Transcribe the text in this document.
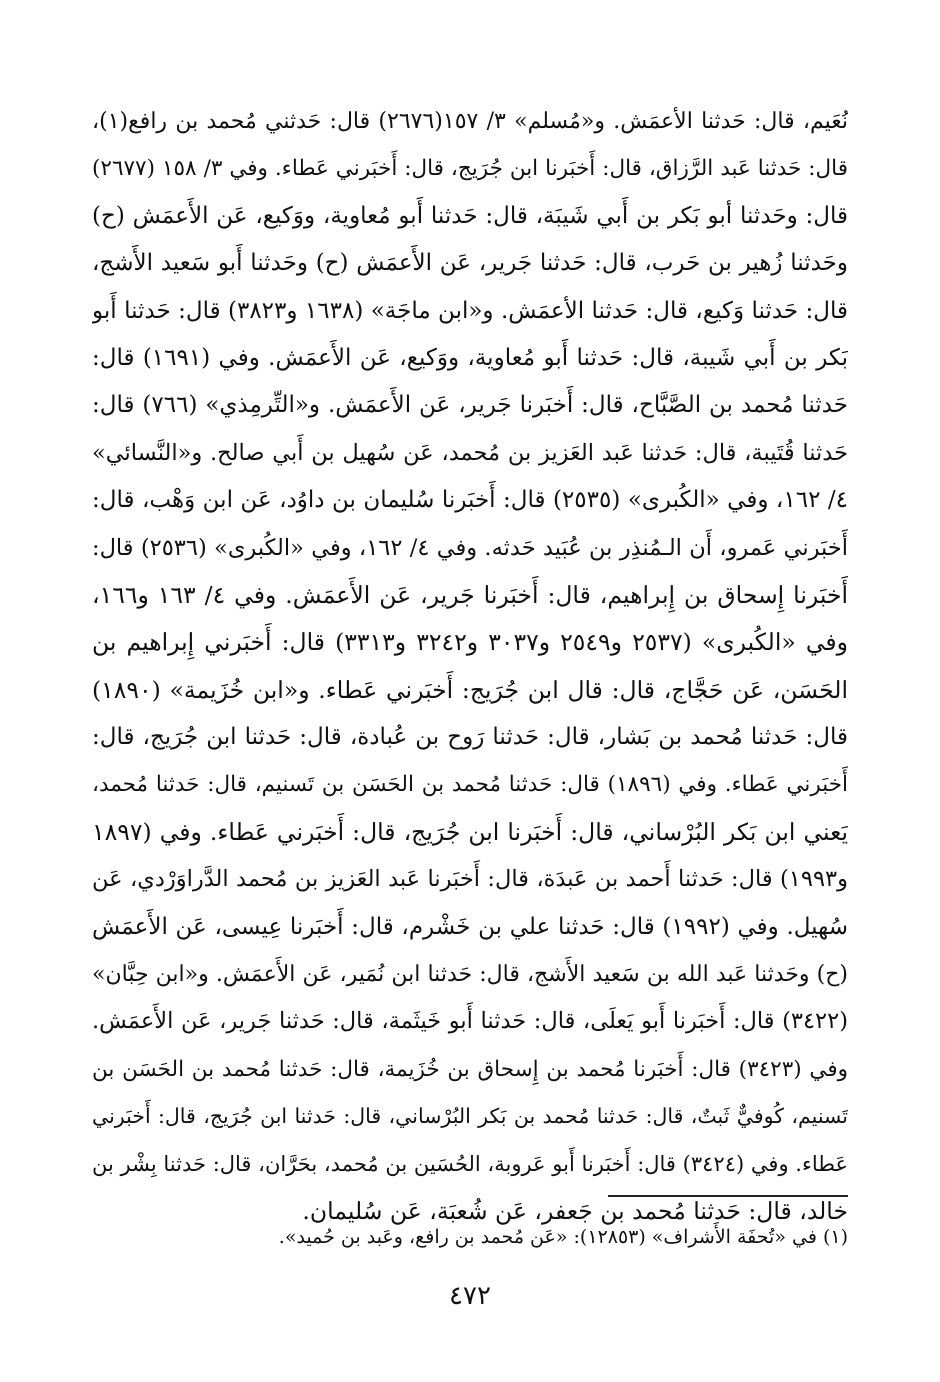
نُعَيم، قال: حَدثنا الأعمَش. و«مُسلم» ٣/ ١٥٧(٢٦٧٦) قال: حَدثني مُحمد بن رافع(١)،
قال: حَدثنا عَبد الرَّزاق، قال: أَخبَرنا ابن جُرَيج، قال: أَخبَرني عَطاء. وفي ٣/ ١٥٨ (٢٦٧٧)
قال: وحَدثنا أبو بَكر بن أَبي شَيبَة، قال: حَدثنا أَبو مُعاوية، ووَكيع، عَن الأَعمَش (ح)
وحَدثنا زُهير بن حَرب، قال: حَدثنا جَرير، عَن الأَعمَش (ح) وحَدثنا أَبو سَعيد الأَشج،
قال: حَدثنا وَكيع، قال: حَدثنا الأعمَش. و«ابن ماجَة» (١٦٣٨ و٣٨٢٣) قال: حَدثنا أَبو
بَكر بن أَبي شَيبة، قال: حَدثنا أَبو مُعاوية، ووَكيع، عَن الأَعمَش. وفي (١٦٩١) قال:
حَدثنا مُحمد بن الصَّبَّاح، قال: أَخبَرنا جَرير، عَن الأَعمَش. و«التِّرمِذي» (٧٦٦) قال:
حَدثنا قُتَيبة، قال: حَدثنا عَبد العَزيز بن مُحمد، عَن سُهيل بن أَبي صالح. و«النَّسائي»
٤/ ١٦٢، وفي «الكُبرى» (٢٥٣٥) قال: أَخبَرنا سُليمان بن داوُد، عَن ابن وَهْب، قال:
أَخبَرني عَمرو، أَن الـمُنذِر بن عُبَيد حَدثه. وفي ٤/ ١٦٢، وفي «الكُبرى» (٢٥٣٦) قال:
أَخبَرنا إِسحاق بن إِبراهيم، قال: أَخبَرنا جَرير، عَن الأَعمَش. وفي ٤/ ١٦٣ و١٦٦،
وفي «الكُبرى» (٢٥٣٧ و٢٥٤٩ و٣٠٣٧ و٣٢٤٢ و٣٣١٣) قال: أَخبَرني إِبراهيم بن
الحَسَن، عَن حَجَّاج، قال: قال ابن جُرَيج: أَخبَرني عَطاء. و«ابن خُزَيمة» (١٨٩٠)
قال: حَدثنا مُحمد بن بَشار، قال: حَدثنا رَوح بن عُبادة، قال: حَدثنا ابن جُرَيج، قال:
أَخبَرني عَطاء. وفي (١٨٩٦) قال: حَدثنا مُحمد بن الحَسَن بن تَسنيم، قال: حَدثنا مُحمد،
يَعني ابن بَكر البُرْساني، قال: أَخبَرنا ابن جُرَيج، قال: أَخبَرني عَطاء. وفي (١٨٩٧
و١٩٩٣) قال: حَدثنا أَحمد بن عَبدَة، قال: أَخبَرنا عَبد العَزيز بن مُحمد الدَّراوَرْدي، عَن
سُهيل. وفي (١٩٩٢) قال: حَدثنا علي بن خَشْرم، قال: أَخبَرنا عِيسى، عَن الأَعمَش
(ح) وحَدثنا عَبد الله بن سَعيد الأَشج، قال: حَدثنا ابن نُمَير، عَن الأَعمَش. و«ابن حِبَّان»
(٣٤٢٢) قال: أَخبَرنا أَبو يَعلَى، قال: حَدثنا أَبو خَيثَمة، قال: حَدثنا جَرير، عَن الأَعمَش.
وفي (٣٤٢٣) قال: أَخبَرنا مُحمد بن إِسحاق بن خُزَيمة، قال: حَدثنا مُحمد بن الحَسَن بن
تَسنيم، كُوفيٌّ ثَبتٌ، قال: حَدثنا مُحمد بن بَكر البُرْساني، قال: حَدثنا ابن جُرَيج، قال: أَخبَرني
عَطاء. وفي (٣٤٢٤) قال: أَخبَرنا أَبو عَروبة، الحُسَين بن مُحمد، بحَرَّان، قال: حَدثنا بِشْر بن
خالد، قال: حَدثنا مُحمد بن جَعفر، عَن شُعبَة، عَن سُليمان.
(١) في «تُحفَة الأَشراف» (١٢٨٥٣): «عَن مُحمد بن رافع، وعَبد بن حُميد».
٤٧٢
